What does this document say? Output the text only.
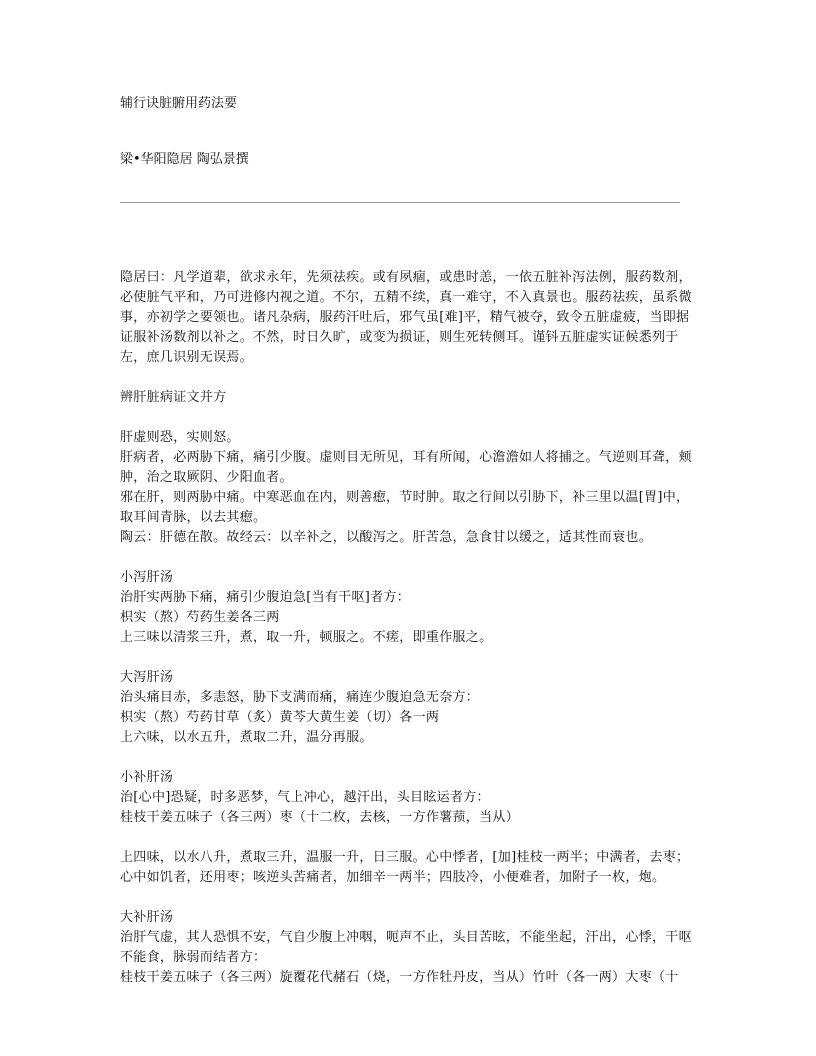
辅行诀脏腑用药法要
梁•华阳隐居 陶弘景撰
隐居曰：凡学道辈，欲求永年，先须祛疾。或有夙痼，或患时恙，一依五脏补泻法例，服药数剂，必使脏气平和，乃可进修内视之道。不尔，五精不续，真一难守，不入真景也。服药祛疾，虽系微事，亦初学之要领也。诸凡杂病，服药汗吐后，邪气虽[难]平，精气被夺，致令五脏虚疲，当即据证服补汤数剂以补之。不然，时日久旷，或变为损证，则生死转侧耳。谨钭五脏虚实证候悉列于左，庶几识别无误焉。
辨肝脏病证文并方
肝虚则恐，实则怒。
肝病者，必两胁下痛，痛引少腹。虚则目无所见，耳有所闻，心澹澹如人将捕之。气逆则耳聋，颊肿，治之取厥阴、少阳血者。
邪在肝，则两胁中痛。中寒恶血在内，则善瘛，节时肿。取之行间以引胁下，补三里以温[胃]中，取耳间青脉，以去其瘛。
陶云：肝德在散。故经云：以辛补之，以酸泻之。肝苦急，急食甘以缓之，适其性而衰也。
小泻肝汤
治肝实两胁下痛，痛引少腹迫急[当有干呕]者方：
枳实（熬）芍药生姜各三两
上三味以清浆三升，煮，取一升，顿服之。不瘥，即重作服之。
大泻肝汤
治头痛目赤，多恚怒，胁下支满而痛，痛连少腹迫急无奈方：
枳实（熬）芍药甘草（炙）黄芩大黄生姜（切）各一两
上六味，以水五升，煮取二升，温分再服。
小补肝汤
治[心中]恐疑，时多恶梦，气上冲心，越汗出，头目眩运者方：
桂枝干姜五味子（各三两）枣（十二枚，去核，一方作薯蓣，当从）
上四味，以水八升，煮取三升，温服一升，日三服。心中悸者，[加]桂枝一两半；中满者，去枣；心中如饥者，还用枣；咳逆头苦痛者，加细辛一两半；四肢冷，小便难者，加附子一枚，炮。
大补肝汤
治肝气虚，其人恐惧不安，气自少腹上冲咽，呃声不止，头目苦眩，不能坐起，汗出，心悸，干呕不能食，脉弱而结者方：
桂枝干姜五味子（各三两）旋覆花代赭石（烧，一方作牡丹皮，当从）竹叶（各一两）大枣（十
